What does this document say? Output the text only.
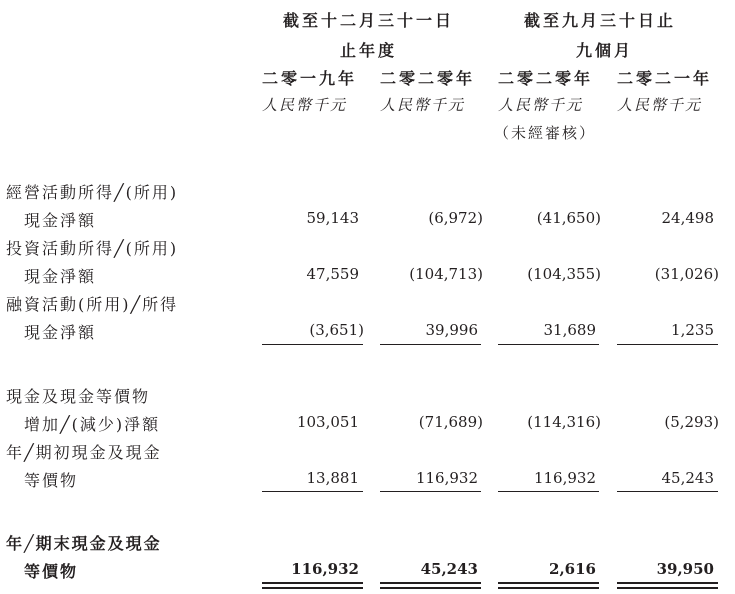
截至十二月三十一日
止年度
截至九月三十日止
九個月
二零一九年 二零二零年 二零二零年 二零二一年
人民幣千元 人民幣千元 人民幣千元 人民幣千元
（未經審核）
經營活動所得╱(所用)
現金淨額	59,143	(6,972)	(41,650)	24,498
投資活動所得╱(所用)
現金淨額	47,559	(104,713)	(104,355)	(31,026)
融資活動(所用)╱所得
現金淨額	(3,651)	39,996	31,689	1,235
現金及現金等價物
增加╱(減少)淨額	103,051	(71,689)	(114,316)	(5,293)
年╱期初現金及現金
等價物	13,881	116,932	116,932	45,243
年╱期末現金及現金
等價物	116,932	45,243	2,616	39,950
